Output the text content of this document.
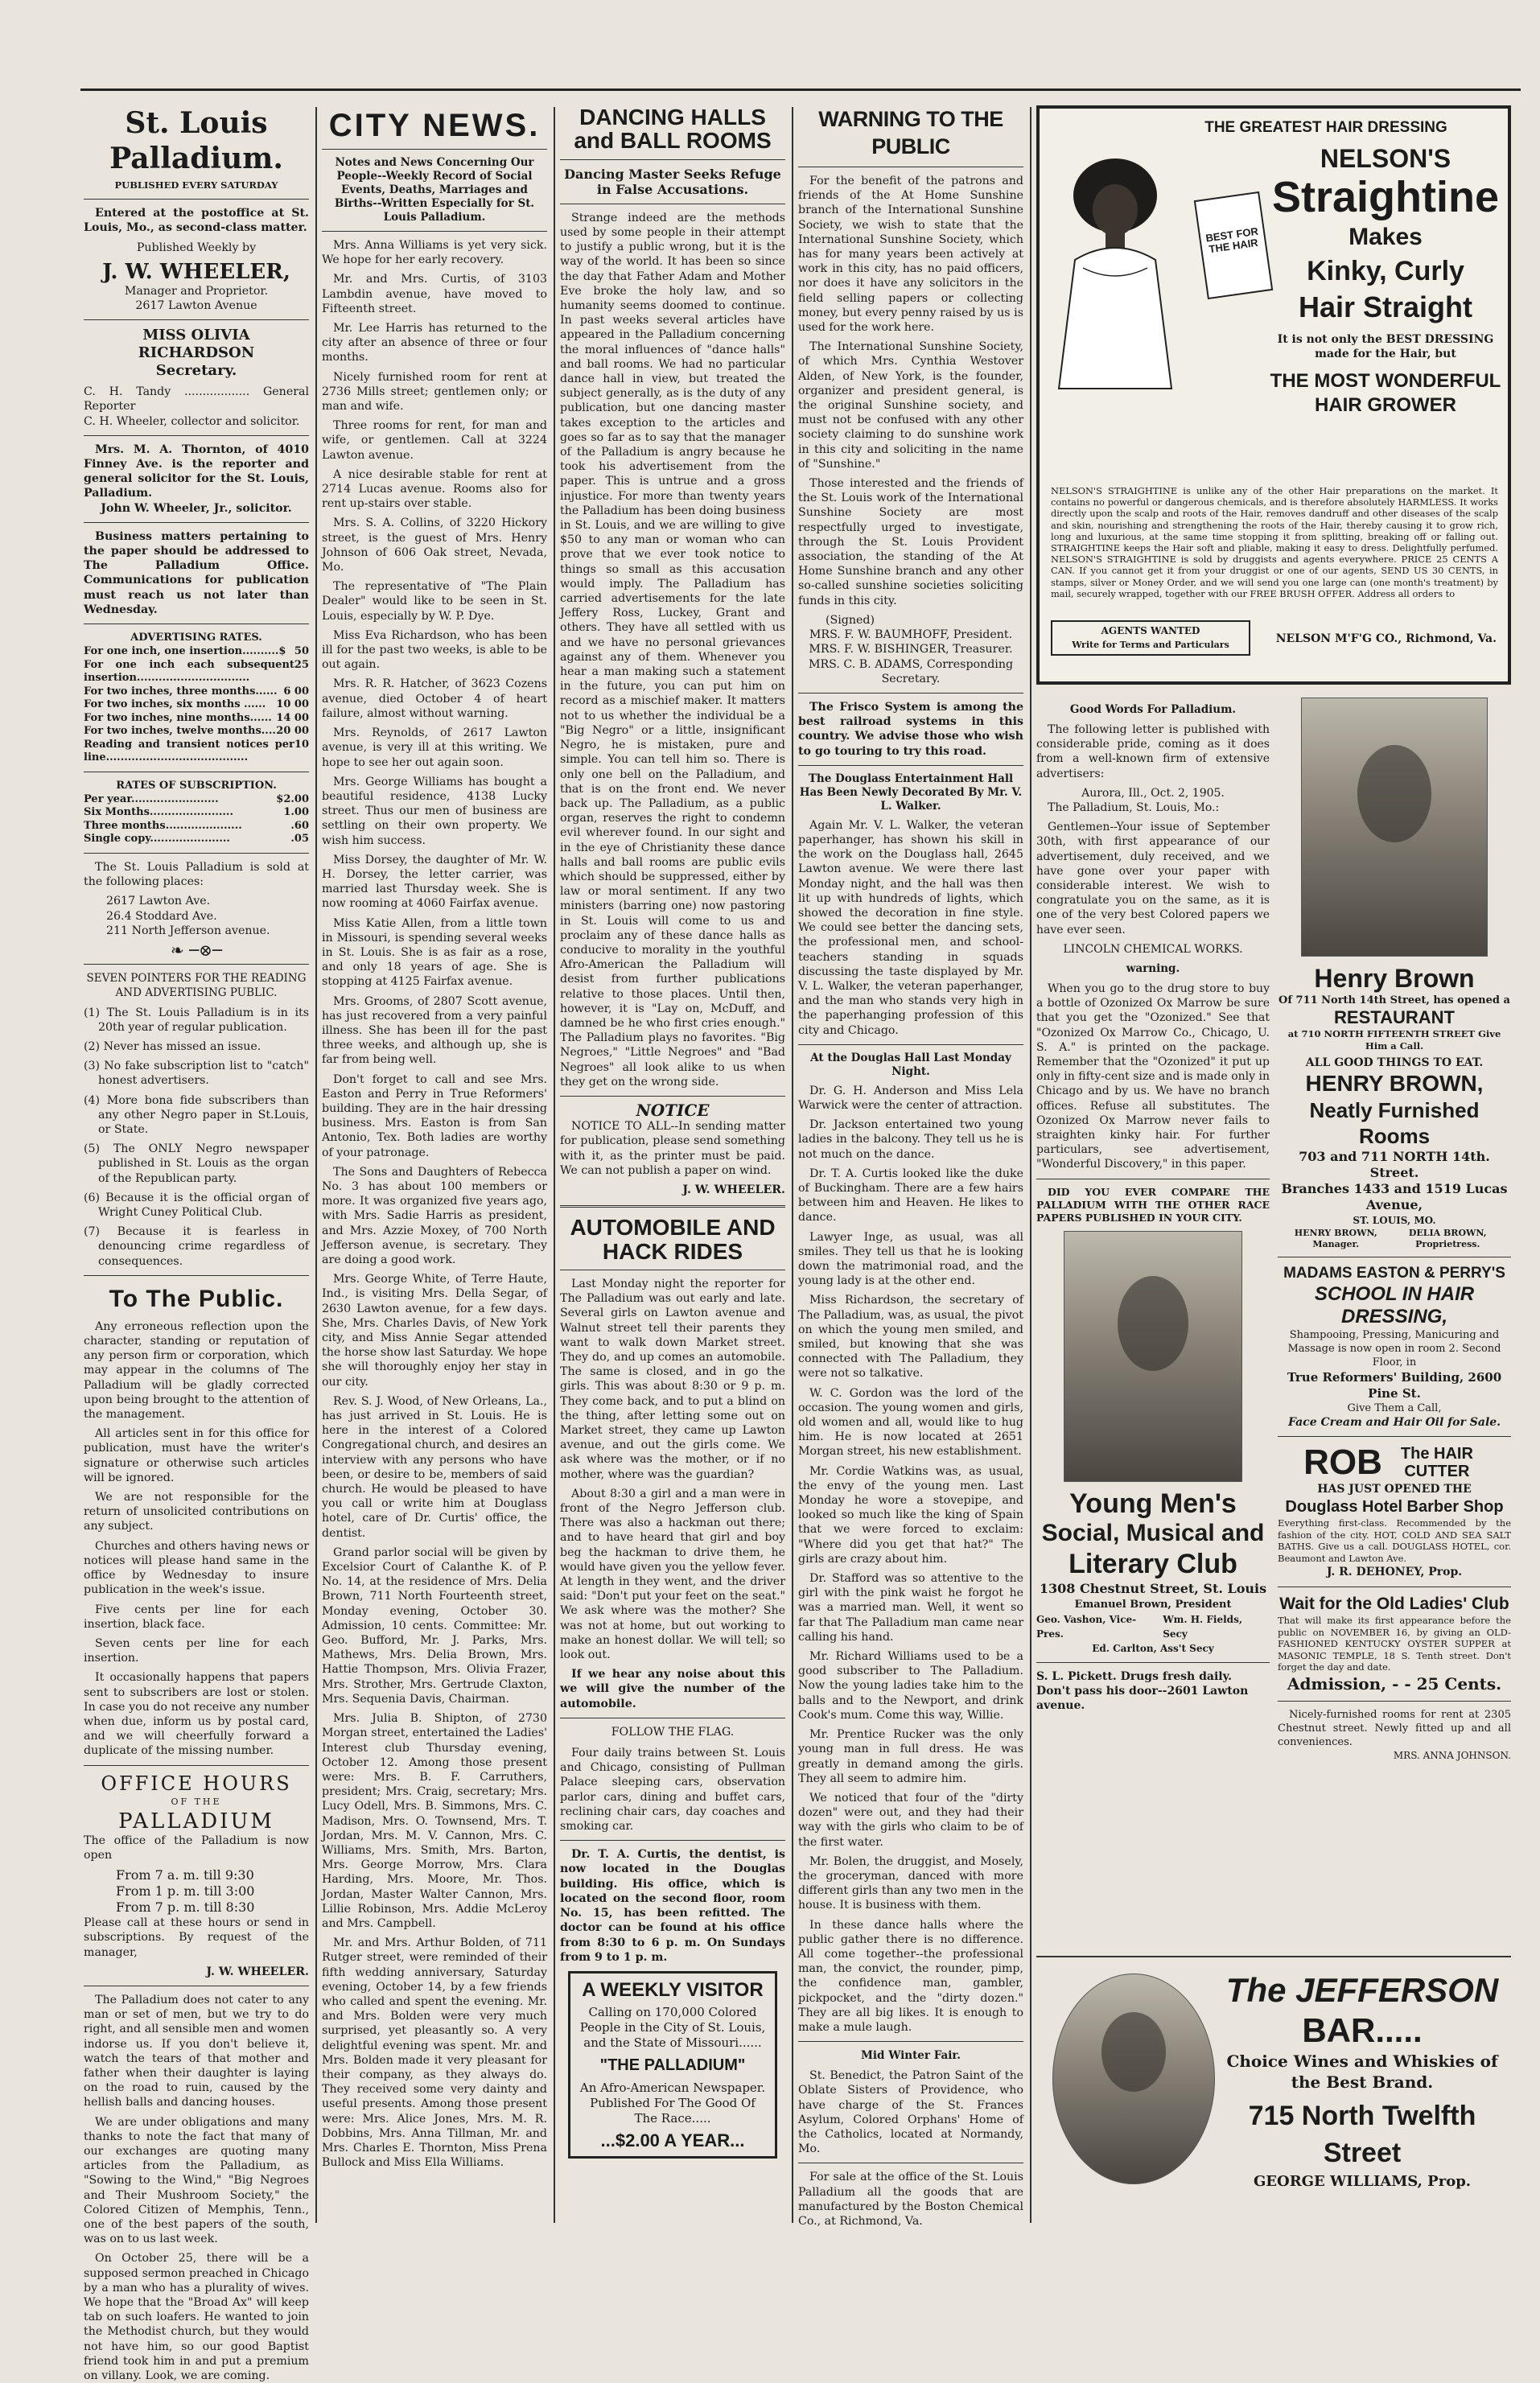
St. Louis Palladium.

PUBLISHED EVERY SATURDAY

Entered at the postoffice at St. Louis, Mo., as second-class matter.

Published Weekly by

J. W. WHEELER,

Manager and Proprietor.

2617 Lawton Avenue

MISS OLIVIA RICHARDSON
Secretary.

C. H. Tandy .................. General Reporter

C. H. Wheeler, collector and solicitor.

Mrs. M. A. Thornton, of 4010 Finney Ave. is the reporter and general solicitor for the St. Louis, Palladium.

John W. Wheeler, Jr., solicitor.

Business matters pertaining to the paper should be addressed to The Palladium Office. Communications for publication must reach us not later than Wednesday.

ADVERTISING RATES.
For one inch, one insertion..........$ 50
For one inch each subsequent insertion...............................
25
For two inches, three months...... 6 00
For two inches, six months ...... 10 00
For two inches, nine months...... 14 00
For two inches, twelve months.... 20 00
Reading and transient notices per line.......................................
10
RATES OF SUBSCRIPTION.
Per year........................	$2.00
Six Months.......................	1.00
Three months.....................	.60
Single copy......................	.05

The St. Louis Palladium is sold at the following places:

2617 Lawton Ave.

26.4 Stoddard Ave.

211 North Jefferson avenue.

❧ ─⊗─

SEVEN POINTERS FOR THE READING AND ADVERTISING PUBLIC.

(1) The St. Louis Palladium is in its 20th year of regular publication.

(2) Never has missed an issue.

(3) No fake subscription list to "catch" honest advertisers.

(4) More bona fide subscribers than any other Negro paper in St.Louis, or State.

(5) The ONLY Negro newspaper published in St. Louis as the organ of the Republican party.

(6) Because it is the official organ of Wright Cuney Political Club.

(7) Because it is fearless in denouncing crime regardless of consequences.

To The Public.

Any erroneous reflection upon the character, standing or reputation of any person firm or corporation, which may appear in the columns of The Palladium will be gladly corrected upon being brought to the attention of the management.

All articles sent in for this office for publication, must have the writer's signature or otherwise such articles will be ignored.

We are not responsible for the return of unsolicited contributions on any subject.

Churches and others having news or notices will please hand same in the office by Wednesday to insure publication in the week's issue.

Five cents per line for each insertion, black face.

Seven cents per line for each insertion.

It occasionally happens that papers sent to subscribers are lost or stolen. In case you do not receive any number when due, inform us by postal card, and we will cheerfully forward a duplicate of the missing number.

OFFICE HOURS
OF THE
PALLADIUM

The office of the Palladium is now open

From 7 a. m. till 9:30
From 1 p. m. till 3:00
From 7 p. m. till 8:30

Please call at these hours or send in subscriptions. By request of the manager,

J. W. WHEELER.

The Palladium does not cater to any man or set of men, but we try to do right, and all sensible men and women indorse us. If you don't believe it, watch the tears of that mother and father when their daughter is laying on the road to ruin, caused by the hellish balls and dancing houses.

We are under obligations and many thanks to note the fact that many of our exchanges are quoting many articles from the Palladium, as "Sowing to the Wind," "Big Negroes and Their Mushroom Society," the Colored Citizen of Memphis, Tenn., one of the best papers of the south, was on to us last week.

On October 25, there will be a supposed sermon preached in Chicago by a man who has a plurality of wives. We hope that the "Broad Ax" will keep tab on such loafers. He wanted to join the Methodist church, but they would not have him, so our good Baptist friend took him in and put a premium on villany. Look, we are coming.

CITY NEWS.

Notes and News Concerning Our People--Weekly Record of Social Events, Deaths, Marriages and Births--Written Especially for St. Louis Palladium.

Mrs. Anna Williams is yet very sick. We hope for her early recovery.

Mr. and Mrs. Curtis, of 3103 Lambdin avenue, have moved to Fifteenth street.

Mr. Lee Harris has returned to the city after an absence of three or four months.

Nicely furnished room for rent at 2736 Mills street; gentlemen only; or man and wife.

Three rooms for rent, for man and wife, or gentlemen. Call at 3224 Lawton avenue.

A nice desirable stable for rent at 2714 Lucas avenue. Rooms also for rent up-stairs over stable.

Mrs. S. A. Collins, of 3220 Hickory street, is the guest of Mrs. Henry Johnson of 606 Oak street, Nevada, Mo.

The representative of "The Plain Dealer" would like to be seen in St. Louis, especially by W. P. Dye.

Miss Eva Richardson, who has been ill for the past two weeks, is able to be out again.

Mrs. R. R. Hatcher, of 3623 Cozens avenue, died October 4 of heart failure, almost without warning.

Mrs. Reynolds, of 2617 Lawton avenue, is very ill at this writing. We hope to see her out again soon.

Mrs. George Williams has bought a beautiful residence, 4138 Lucky street. Thus our men of business are settling on their own property. We wish him success.

Miss Dorsey, the daughter of Mr. W. H. Dorsey, the letter carrier, was married last Thursday week. She is now rooming at 4060 Fairfax avenue.

Miss Katie Allen, from a little town in Missouri, is spending several weeks in St. Louis. She is as fair as a rose, and only 18 years of age. She is stopping at 4125 Fairfax avenue.

Mrs. Grooms, of 2807 Scott avenue, has just recovered from a very painful illness. She has been ill for the past three weeks, and although up, she is far from being well.

Don't forget to call and see Mrs. Easton and Perry in True Reformers' building. They are in the hair dressing business. Mrs. Easton is from San Antonio, Tex. Both ladies are worthy of your patronage.

The Sons and Daughters of Rebecca No. 3 has about 100 members or more. It was organized five years ago, with Mrs. Sadie Harris as president, and Mrs. Azzie Moxey, of 700 North Jefferson avenue, is secretary. They are doing a good work.

Mrs. George White, of Terre Haute, Ind., is visiting Mrs. Della Segar, of 2630 Lawton avenue, for a few days. She, Mrs. Charles Davis, of New York city, and Miss Annie Segar attended the horse show last Saturday. We hope she will thoroughly enjoy her stay in our city.

Rev. S. J. Wood, of New Orleans, La., has just arrived in St. Louis. He is here in the interest of a Colored Congregational church, and desires an interview with any persons who have been, or desire to be, members of said church. He would be pleased to have you call or write him at Douglass hotel, care of Dr. Curtis' office, the dentist.

Grand parlor social will be given by Excelsior Court of Calanthe K. of P. No. 14, at the residence of Mrs. Delia Brown, 711 North Fourteenth street, Monday evening, October 30. Admission, 10 cents. Committee: Mr. Geo. Bufford, Mr. J. Parks, Mrs. Mathews, Mrs. Delia Brown, Mrs. Hattie Thompson, Mrs. Olivia Frazer, Mrs. Strother, Mrs. Gertrude Claxton, Mrs. Sequenia Davis, Chairman.

Mrs. Julia B. Shipton, of 2730 Morgan street, entertained the Ladies' Interest club Thursday evening, October 12. Among those present were: Mrs. B. F. Carruthers, president; Mrs. Craig, secretary; Mrs. Lucy Odell, Mrs. B. Simmons, Mrs. C. Madison, Mrs. O. Townsend, Mrs. T. Jordan, Mrs. M. V. Cannon, Mrs. C. Williams, Mrs. Smith, Mrs. Barton, Mrs. George Morrow, Mrs. Clara Harding, Mrs. Moore, Mr. Thos. Jordan, Master Walter Cannon, Mrs. Lillie Robinson, Mrs. Addie McLeroy and Mrs. Campbell.

Mr. and Mrs. Arthur Bolden, of 711 Rutger street, were reminded of their fifth wedding anniversary, Saturday evening, October 14, by a few friends who called and spent the evening. Mr. and Mrs. Bolden were very much surprised, yet pleasantly so. A very delightful evening was spent. Mr. and Mrs. Bolden made it very pleasant for their company, as they always do. They received some very dainty and useful presents. Among those present were: Mrs. Alice Jones, Mrs. M. R. Dobbins, Mrs. Anna Tillman, Mr. and Mrs. Charles E. Thornton, Miss Prena Bullock and Miss Ella Williams.

DANCING HALLS
and BALL ROOMS

Dancing Master Seeks Refuge in False Accusations.

Strange indeed are the methods used by some people in their attempt to justify a public wrong, but it is the way of the world. It has been so since the day that Father Adam and Mother Eve broke the holy law, and so humanity seems doomed to continue. In past weeks several articles have appeared in the Palladium concerning the moral influences of "dance halls" and ball rooms. We had no particular dance hall in view, but treated the subject generally, as is the duty of any publication, but one dancing master takes exception to the articles and goes so far as to say that the manager of the Palladium is angry because he took his advertisement from the paper. This is untrue and a gross injustice. For more than twenty years the Palladium has been doing business in St. Louis, and we are willing to give $50 to any man or woman who can prove that we ever took notice to things so small as this accusation would imply. The Palladium has carried advertisements for the late Jeffery Ross, Luckey, Grant and others. They have all settled with us and we have no personal grievances against any of them. Whenever you hear a man making such a statement in the future, you can put him on record as a mischief maker. It matters not to us whether the individual be a "Big Negro" or a little, insignificant Negro, he is mistaken, pure and simple. You can tell him so. There is only one bell on the Palladium, and that is on the front end. We never back up. The Palladium, as a public organ, reserves the right to condemn evil wherever found. In our sight and in the eye of Christianity these dance halls and ball rooms are public evils which should be suppressed, either by law or moral sentiment. If any two ministers (barring one) now pastoring in St. Louis will come to us and proclaim any of these dance halls as conducive to morality in the youthful Afro-American the Palladium will desist from further publications relative to those places. Until then, however, it is "Lay on, McDuff, and damned be he who first cries enough." The Palladium plays no favorites. "Big Negroes," "Little Negroes" and "Bad Negroes" all look alike to us when they get on the wrong side.

NOTICE

NOTICE TO ALL--In sending matter for publication, please send something with it, as the printer must be paid. We can not publish a paper on wind.

J. W. WHEELER.

AUTOMOBILE AND
HACK RIDES

Last Monday night the reporter for The Palladium was out early and late. Several girls on Lawton avenue and Walnut street tell their parents they want to walk down Market street. They do, and up comes an automobile. The same is closed, and in go the girls. This was about 8:30 or 9 p. m. They come back, and to put a blind on the thing, after letting some out on Market street, they came up Lawton avenue, and out the girls come. We ask where was the mother, or if no mother, where was the guardian?

About 8:30 a girl and a man were in front of the Negro Jefferson club. There was also a hackman out there; and to have heard that girl and boy beg the hackman to drive them, he would have given you the yellow fever. At length in they went, and the driver said: "Don't put your feet on the seat." We ask where was the mother? She was not at home, but out working to make an honest dollar. We will tell; so look out.

If we hear any noise about this we will give the number of the automobile.

FOLLOW THE FLAG.

Four daily trains between St. Louis and Chicago, consisting of Pullman Palace sleeping cars, observation parlor cars, dining and buffet cars, reclining chair cars, day coaches and smoking car.

Dr. T. A. Curtis, the dentist, is now located in the Douglas building. His office, which is located on the second floor, room No. 15, has been refitted. The doctor can be found at his office from 8:30 to 6 p. m. On Sundays from 9 to 1 p. m.

A WEEKLY VISITOR

Calling on 170,000 Colored People in the City of St. Louis, and the State of Missouri......

"THE PALLADIUM"

An Afro-American Newspaper. Published For The Good Of The Race.....

...$2.00 A YEAR...
WARNING TO THE PUBLIC

For the benefit of the patrons and friends of the At Home Sunshine branch of the International Sunshine Society, we wish to state that the International Sunshine Society, which has for many years been actively at work in this city, has no paid officers, nor does it have any solicitors in the field selling papers or collecting money, but every penny raised by us is used for the work here.

The International Sunshine Society, of which Mrs. Cynthia Westover Alden, of New York, is the founder, organizer and president general, is the original Sunshine society, and must not be confused with any other society claiming to do sunshine work in this city and soliciting in the name of "Sunshine."

Those interested and the friends of the St. Louis work of the International Sunshine Society are most respectfully urged to investigate, through the St. Louis Provident association, the standing of the At Home Sunshine branch and any other so-called sunshine societies soliciting funds in this city.

(Signed)

MRS. F. W. BAUMHOFF, President.

MRS. F. W. BISHINGER, Treasurer.

MRS. C. B. ADAMS, Corresponding Secretary.

The Frisco System is among the best railroad systems in this country. We advise those who wish to go touring to try this road.

The Douglass Entertainment Hall Has Been Newly Decorated By Mr. V. L. Walker.

Again Mr. V. L. Walker, the veteran paperhanger, has shown his skill in the work on the Douglass hall, 2645 Lawton avenue. We were there last Monday night, and the hall was then lit up with hundreds of lights, which showed the decoration in fine style. We could see better the dancing sets, the professional men, and school-teachers standing in squads discussing the taste displayed by Mr. V. L. Walker, the veteran paperhanger, and the man who stands very high in the paperhanging profession of this city and Chicago.

At the Douglas Hall Last Monday Night.

Dr. G. H. Anderson and Miss Lela Warwick were the center of attraction.

Dr. Jackson entertained two young ladies in the balcony. They tell us he is not much on the dance.

Dr. T. A. Curtis looked like the duke of Buckingham. There are a few hairs between him and Heaven. He likes to dance.

Lawyer Inge, as usual, was all smiles. They tell us that he is looking down the matrimonial road, and the young lady is at the other end.

Miss Richardson, the secretary of The Palladium, was, as usual, the pivot on which the young men smiled, and smiled, but knowing that she was connected with The Palladium, they were not so talkative.

W. C. Gordon was the lord of the occasion. The young women and girls, old women and all, would like to hug him. He is now located at 2651 Morgan street, his new establishment.

Mr. Cordie Watkins was, as usual, the envy of the young men. Last Monday he wore a stovepipe, and looked so much like the king of Spain that we were forced to exclaim: "Where did you get that hat?" The girls are crazy about him.

Dr. Stafford was so attentive to the girl with the pink waist he forgot he was a married man. Well, it went so far that The Palladium man came near calling his hand.

Mr. Richard Williams used to be a good subscriber to The Palladium. Now the young ladies take him to the balls and to the Newport, and drink Cook's mum. Come this way, Willie.

Mr. Prentice Rucker was the only young man in full dress. He was greatly in demand among the girls. They all seem to admire him.

We noticed that four of the "dirty dozen" were out, and they had their way with the girls who claim to be of the first water.

Mr. Bolen, the druggist, and Mosely, the groceryman, danced with more different girls than any two men in the house. It is business with them.

In these dance halls where the public gather there is no difference. All come together--the professional man, the convict, the rounder, pimp, the confidence man, gambler, pickpocket, and the "dirty dozen." They are all big likes. It is enough to make a mule laugh.

Mid Winter Fair.

St. Benedict, the Patron Saint of the Oblate Sisters of Providence, who have charge of the St. Frances Asylum, Colored Orphans' Home of the Catholics, located at Normandy, Mo.

For sale at the office of the St. Louis Palladium all the goods that are manufactured by the Boston Chemical Co., at Richmond, Va.

THE GREATEST HAIR DRESSING
BEST FOR THE HAIR
NELSON'S
Straightine
Makes
Kinky, Curly
Hair Straight
It is not only the BEST DRESSING made for the Hair, but
THE MOST WONDERFUL HAIR GROWER
NELSON'S STRAIGHTINE is unlike any of the other Hair preparations on the market. It contains no powerful or dangerous chemicals, and is therefore absolutely HARMLESS. It works directly upon the scalp and roots of the Hair, removes dandruff and other diseases of the scalp and skin, nourishing and strengthening the roots of the Hair, thereby causing it to grow rich, long and luxurious, at the same time stopping it from splitting, breaking off or falling out. STRAIGHTINE keeps the Hair soft and pliable, making it easy to dress. Delightfully perfumed. NELSON'S STRAIGHTINE is sold by druggists and agents everywhere. PRICE 25 CENTS A CAN. If you cannot get it from your druggist or one of our agents, SEND US 30 CENTS, in stamps, silver or Money Order, and we will send you one large can (one month's treatment) by mail, securely wrapped, together with our FREE BRUSH OFFER. Address all orders to
AGENTS WANTED
Write for Terms and Particulars	NELSON M'F'G CO., Richmond, Va.

Good Words For Palladium.

The following letter is published with considerable pride, coming as it does from a well-known firm of extensive advertisers:

Aurora, Ill., Oct. 2, 1905.

The Palladium, St. Louis, Mo.:

Gentlemen--Your issue of September 30th, with first appearance of our advertisement, duly received, and we have gone over your paper with considerable interest. We wish to congratulate you on the same, as it is one of the very best Colored papers we have ever seen.

LINCOLN CHEMICAL WORKS.

warning.

When you go to the drug store to buy a bottle of Ozonized Ox Marrow be sure that you get the "Ozonized." See that "Ozonized Ox Marrow Co., Chicago, U. S. A." is printed on the package. Remember that the "Ozonized" it put up only in fifty-cent size and is made only in Chicago and by us. We have no branch offices. Refuse all substitutes. The Ozonized Ox Marrow never fails to straighten kinky hair. For further particulars, see advertisement, "Wonderful Discovery," in this paper.

DID YOU EVER COMPARE THE PALLADIUM WITH THE OTHER RACE PAPERS PUBLISHED IN YOUR CITY.

Young Men's
Social, Musical and
Literary Club
1308 Chestnut Street, St. Louis
Emanuel Brown, President
Geo. Vashon, Vice-Pres.
Wm. H. Fields, Secy
Ed. Carlton, Ass't Secy

S. L. Pickett. Drugs fresh daily. Don't pass his door--2601 Lawton avenue.

Henry Brown
Of 711 North 14th Street, has opened a
RESTAURANT
at 710 NORTH FIFTEENTH STREET Give Him a Call.
ALL GOOD THINGS TO EAT.
HENRY BROWN,
Neatly Furnished Rooms
703 and 711 NORTH 14th. Street.
Branches 1433 and 1519 Lucas Avenue,
ST. LOUIS, MO.
HENRY BROWN, Manager.
DELIA BROWN, Proprietress.
MADAMS EASTON & PERRY'S
SCHOOL IN HAIR DRESSING,
Shampooing, Pressing, Manicuring and Massage is now open in room 2. Second Floor, in
True Reformers' Building, 2600 Pine St.
Give Them a Call,
Face Cream and Hair Oil for Sale.
ROB	The HAIR CUTTER
HAS JUST OPENED THE
Douglass Hotel Barber Shop
Everything first-class. Recommended by the fashion of the city. HOT, COLD AND SEA SALT BATHS. Give us a call. DOUGLASS HOTEL, cor. Beaumont and Lawton Ave.
J. R. DEHONEY, Prop.
Wait for the Old Ladies' Club
That will make its first appearance before the public on NOVEMBER 16, by giving an OLD-FASHIONED KENTUCKY OYSTER SUPPER at MASONIC TEMPLE, 18 S. Tenth street. Don't forget the day and date.
Admission, - - 25 Cents.
Nicely-furnished rooms for rent at 2305 Chestnut street. Newly fitted up and all conveniences.
MRS. ANNA JOHNSON.
The JEFFERSON
BAR.....
Choice Wines and Whiskies of the Best Brand.
715 North Twelfth Street
GEORGE WILLIAMS, Prop.
